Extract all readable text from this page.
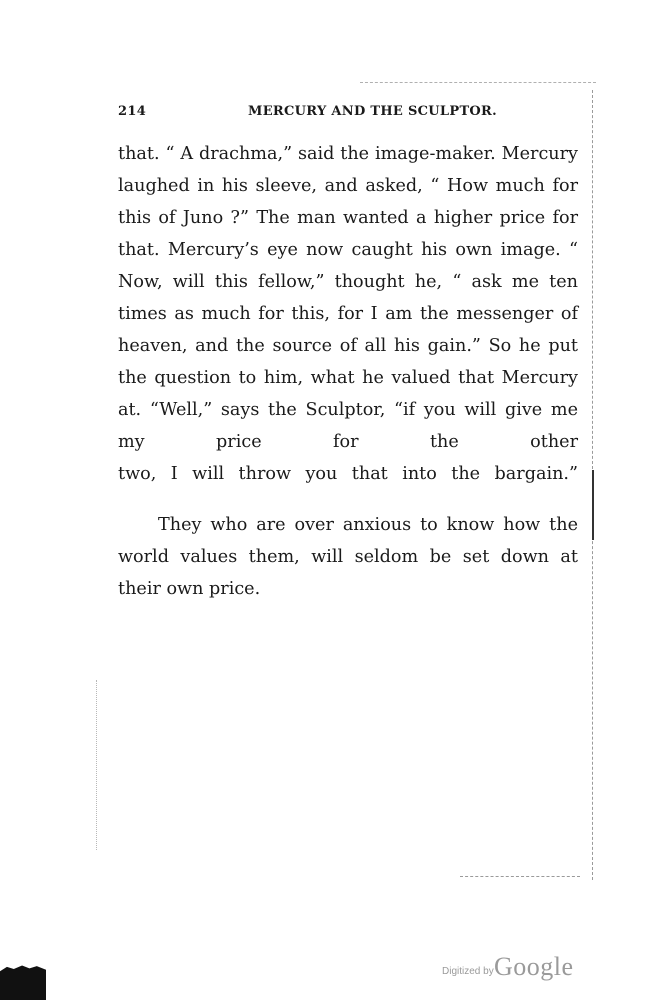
214	MERCURY AND THE SCULPTOR.

that. “ A drachma,” said the image-maker. Mercury laughed in his sleeve, and asked, “ How much for this of Juno ?” The man wanted a higher price for that. Mercury’s eye now caught his own image. “ Now, will this fellow,” thought he, “ ask me ten times as much for this, for I am the messenger of heaven, and the source of all his gain.” So he put the question to him, what he valued that Mercury at. “Well,” says the Sculptor, “if you will give me my price for the other
two, I will throw you that into the bargain.”

They who are over anxious to know how the world values them, will seldom be set down at their own price.

Digitized by Google
